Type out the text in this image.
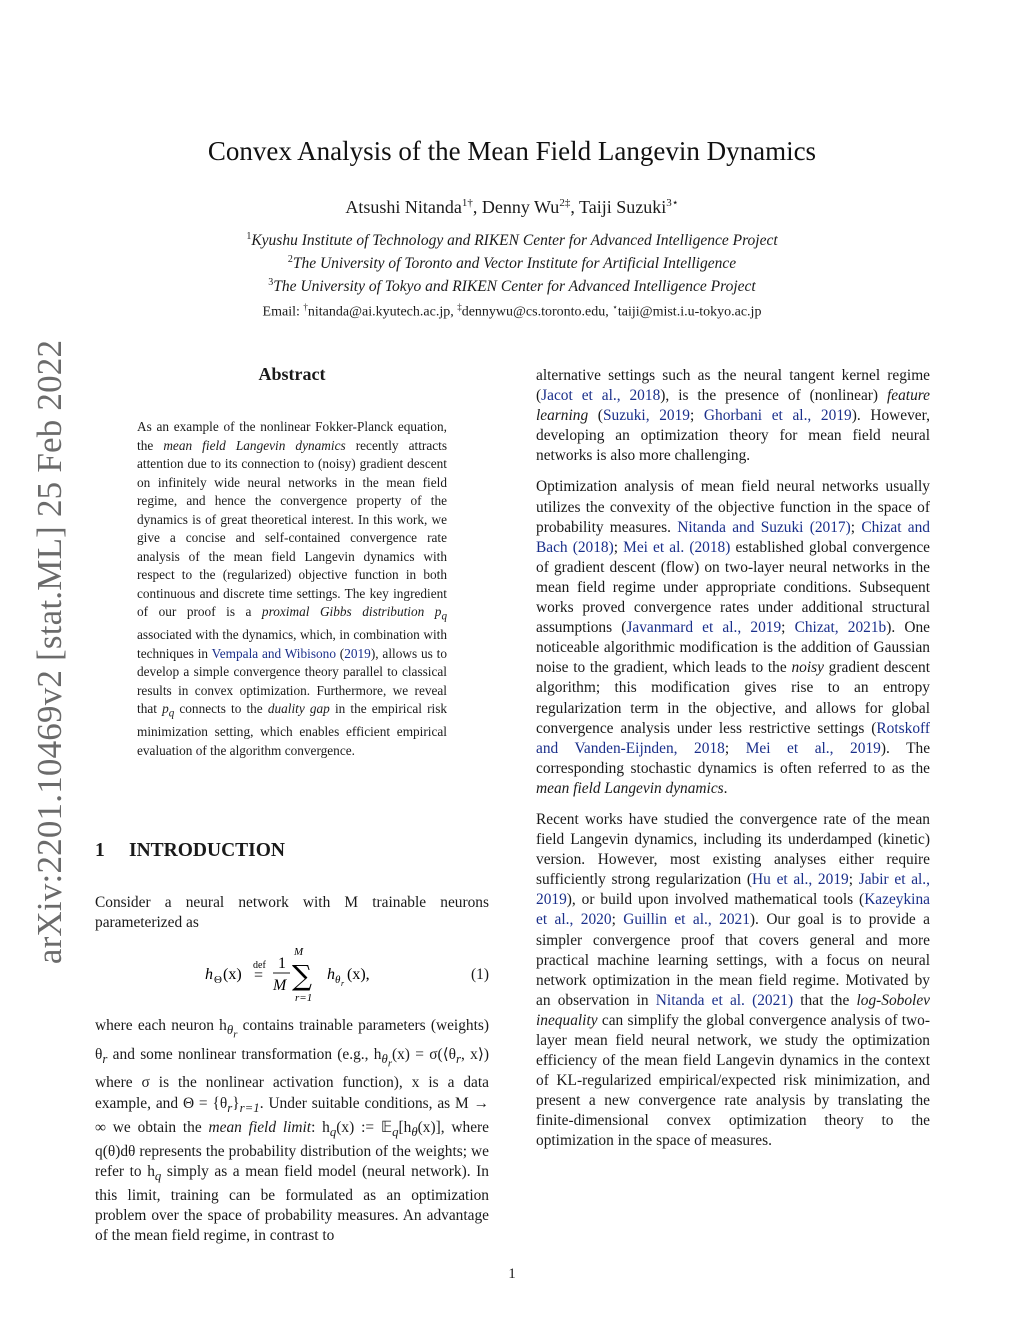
arXiv:2201.10469v2 [stat.ML] 25 Feb 2022
Convex Analysis of the Mean Field Langevin Dynamics
Atsushi Nitanda$^{1\dagger}$, Denny $Wu^{2\ddagger}$, Taiji Suzuki$^{3⋆}$
$^1$Kyushu Institute of Technology and RIKEN Center for Advanced Intelligence Project
$^2$The University of Toronto and Vector Institute for Artificial Intelligence
$^3$The University of Tokyo and RIKEN Center for Advanced Intelligence Project
Email: †nitanda@ai.kyutech.ac.jp, ‡dennywu@cs.toronto.edu, ⋆taiji@mist.i.u-tokyo.ac.jp
Abstract
As an example of the nonlinear Fokker-Planck equation, the mean field Langevin dynamics recently attracts attention due to its connection to (noisy) gradient descent on infinitely wide neural networks in the mean field regime, and hence the convergence property of the dynamics is of great theoretical interest. In this work, we give a concise and self-contained convergence rate analysis of the mean field Langevin dynamics with respect to the (regularized) objective function in both continuous and discrete time settings. The key ingredient of our proof is a proximal Gibbs distribution $p_q$ associated with the dynamics, which, in combination with techniques in Vempala and Wibisono (2019), allows us to develop a simple convergence theory parallel to classical results in convex optimization. Furthermore, we reveal that $p_q$ connects to the duality gap in the empirical risk minimization setting, which enables efficient empirical evaluation of the algorithm convergence.
1 INTRODUCTION
Consider a neural network with M trainable neurons parameterized as
h Θ (x)
def
=
1
M
M
∑
r=1
h θ r
(x),	(1)
where each neuron $h_{\theta_r}$ contains trainable parameters (weights) $\theta_r$ and some nonlinear transformation (e.g., $h_{\theta_r}(x)$ = $\sigma(⟨\theta_r$, x⟩) where σ is the nonlinear activation function), x is a data example, and $\Theta = \{\theta_r\}_{r=1}$. Under suitable conditions, as M → ∞ we obtain the mean field limit: $h_q(x)$ := $𝔼_q[h_\theta(x)]$, where q(θ)dθ represents the probability distribution of the weights; we refer to $h_q$ simply as a mean field model (neural network). In this limit, training can be formulated as an optimization problem over the space of probability measures. An advantage of the mean field regime, in contrast to

alternative settings such as the neural tangent kernel regime (Jacot et al., 2018), is the presence of (nonlinear) feature learning (Suzuki, 2019; Ghorbani et al., 2019). However, developing an optimization theory for mean field neural networks is also more challenging.

Optimization analysis of mean field neural networks usually utilizes the convexity of the objective function in the space of probability measures. Nitanda and Suzuki (2017); Chizat and Bach (2018); Mei et al. (2018) established global convergence of gradient descent (flow) on two-layer neural networks in the mean field regime under appropriate conditions. Subsequent works proved convergence rates under additional structural assumptions (Javanmard et al., 2019; Chizat, 2021b). One noticeable algorithmic modification is the addition of Gaussian noise to the gradient, which leads to the noisy gradient descent algorithm; this modification gives rise to an entropy regularization term in the objective, and allows for global convergence analysis under less restrictive settings (Rotskoff and Vanden-Eijnden, 2018; Mei et al., 2019). The corresponding stochastic dynamics is often referred to as the mean field Langevin dynamics.

Recent works have studied the convergence rate of the mean field Langevin dynamics, including its underdamped (kinetic) version. However, most existing analyses either require sufficiently strong regularization (Hu et al., 2019; Jabir et al., 2019), or build upon involved mathematical tools (Kazeykina et al., 2020; Guillin et al., 2021). Our goal is to provide a simpler convergence proof that covers general and more practical machine learning settings, with a focus on neural network optimization in the mean field regime. Motivated by an observation in Nitanda et al. (2021) that the log-Sobolev inequality can simplify the global convergence analysis of two-layer mean field neural network, we study the optimization efficiency of the mean field Langevin dynamics in the context of KL-regularized empirical/expected risk minimization, and present a new convergence rate analysis by translating the finite-dimensional convex optimization theory to the optimization in the space of measures.

1
